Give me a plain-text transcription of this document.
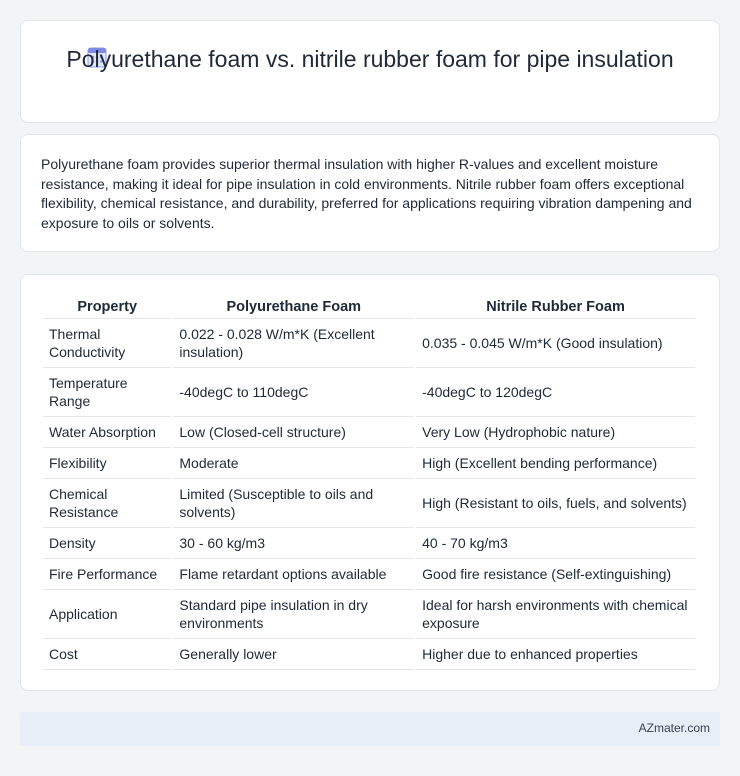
Polyurethane foam vs. nitrile rubber foam for pipe insulation

Polyurethane foam provides superior thermal insulation with higher R-values and excellent moisture resistance, making it ideal for pipe insulation in cold environments. Nitrile rubber foam offers exceptional flexibility, chemical resistance, and durability, preferred for applications requiring vibration dampening and exposure to oils or solvents.

Property	Polyurethane Foam	Nitrile Rubber Foam
Thermal Conductivity	0.022 - 0.028 W/m*K (Excellent insulation)	0.035 - 0.045 W/m*K (Good insulation)
Temperature Range	-40degC to 110degC	-40degC to 120degC
Water Absorption	Low (Closed-cell structure)	Very Low (Hydrophobic nature)
Flexibility	Moderate	High (Excellent bending performance)
Chemical Resistance	Limited (Susceptible to oils and solvents)	High (Resistant to oils, fuels, and solvents)
Density	30 - 60 kg/m3	40 - 70 kg/m3
Fire Performance	Flame retardant options available	Good fire resistance (Self-extinguishing)
Application	Standard pipe insulation in dry environments	Ideal for harsh environments with chemical exposure
Cost	Generally lower	Higher due to enhanced properties
AZmater.com
